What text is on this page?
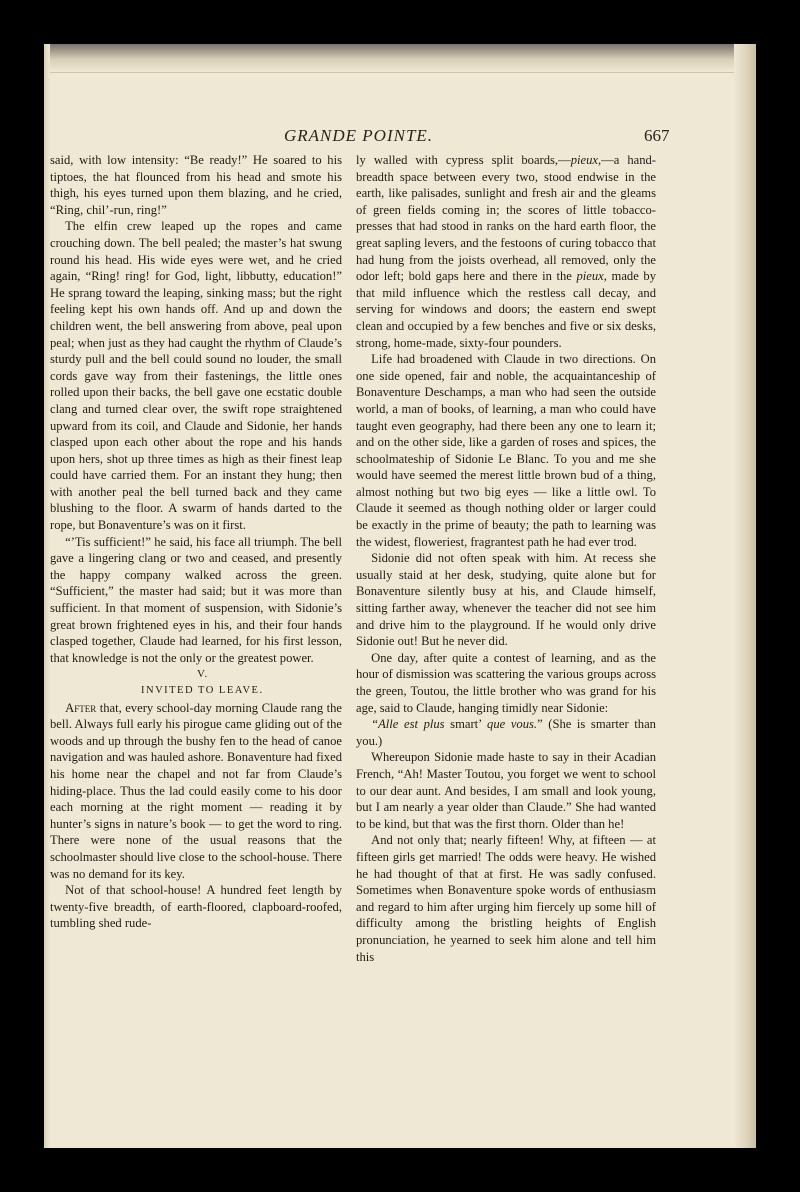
GRANDE POINTE.	667

said, with low intensity: “Be ready!” He soared to his tiptoes, the hat flounced from his head and smote his thigh, his eyes turned upon them blazing, and he cried, “Ring, chil’-run, ring!”

The elfin crew leaped up the ropes and came crouching down. The bell pealed; the master’s hat swung round his head. His wide eyes were wet, and he cried again, “Ring! ring! for God, light, libbutty, education!” He sprang toward the leaping, sinking mass; but the right feeling kept his own hands off. And up and down the children went, the bell answering from above, peal upon peal; when just as they had caught the rhythm of Claude’s sturdy pull and the bell could sound no louder, the small cords gave way from their fastenings, the little ones rolled upon their backs, the bell gave one ecstatic double clang and turned clear over, the swift rope straightened upward from its coil, and Claude and Sidonie, her hands clasped upon each other about the rope and his hands upon hers, shot up three times as high as their finest leap could have carried them. For an instant they hung; then with another peal the bell turned back and they came blushing to the floor. A swarm of hands darted to the rope, but Bonaventure’s was on it first.

“’Tis sufficient!” he said, his face all triumph. The bell gave a lingering clang or two and ceased, and presently the happy company walked across the green. “Sufficient,” the master had said; but it was more than sufficient. In that moment of suspension, with Sidonie’s great brown frightened eyes in his, and their four hands clasped together, Claude had learned, for his first lesson, that knowledge is not the only or the greatest power.

V.

INVITED TO LEAVE.

After that, every school-day morning Claude rang the bell. Always full early his pirogue came gliding out of the woods and up through the bushy fen to the head of canoe navigation and was hauled ashore. Bonaventure had fixed his home near the chapel and not far from Claude’s hiding-place. Thus the lad could easily come to his door each morning at the right moment — reading it by hunter’s signs in nature’s book — to get the word to ring. There were none of the usual reasons that the schoolmaster should live close to the school-house. There was no demand for its key.

Not of that school-house! A hundred feet length by twenty-five breadth, of earth-floored, clapboard-roofed, tumbling shed rude-

ly walled with cypress split boards,—pieux,—a hand-breadth space between every two, stood endwise in the earth, like palisades, sunlight and fresh air and the gleams of green fields coming in; the scores of little tobacco-presses that had stood in ranks on the hard earth floor, the great sapling levers, and the festoons of curing tobacco that had hung from the joists overhead, all removed, only the odor left; bold gaps here and there in the pieux, made by that mild influence which the restless call decay, and serving for windows and doors; the eastern end swept clean and occupied by a few benches and five or six desks, strong, home-made, sixty-four pounders.

Life had broadened with Claude in two directions. On one side opened, fair and noble, the acquaintanceship of Bonaventure Deschamps, a man who had seen the outside world, a man of books, of learning, a man who could have taught even geography, had there been any one to learn it; and on the other side, like a garden of roses and spices, the schoolmateship of Sidonie Le Blanc. To you and me she would have seemed the merest little brown bud of a thing, almost nothing but two big eyes — like a little owl. To Claude it seemed as though nothing older or larger could be exactly in the prime of beauty; the path to learning was the widest, floweriest, fragrantest path he had ever trod.

Sidonie did not often speak with him. At recess she usually staid at her desk, studying, quite alone but for Bonaventure silently busy at his, and Claude himself, sitting farther away, whenever the teacher did not see him and drive him to the playground. If he would only drive Sidonie out! But he never did.

One day, after quite a contest of learning, and as the hour of dismission was scattering the various groups across the green, Toutou, the little brother who was grand for his age, said to Claude, hanging timidly near Sidonie:

“Alle est plus smart’ que vous.” (She is smarter than you.)

Whereupon Sidonie made haste to say in their Acadian French, “Ah! Master Toutou, you forget we went to school to our dear aunt. And besides, I am small and look young, but I am nearly a year older than Claude.” She had wanted to be kind, but that was the first thorn. Older than he!

And not only that; nearly fifteen! Why, at fifteen — at fifteen girls get married! The odds were heavy. He wished he had thought of that at first. He was sadly confused. Sometimes when Bonaventure spoke words of enthusiasm and regard to him after urging him fiercely up some hill of difficulty among the bristling heights of English pronunciation, he yearned to seek him alone and tell him this
